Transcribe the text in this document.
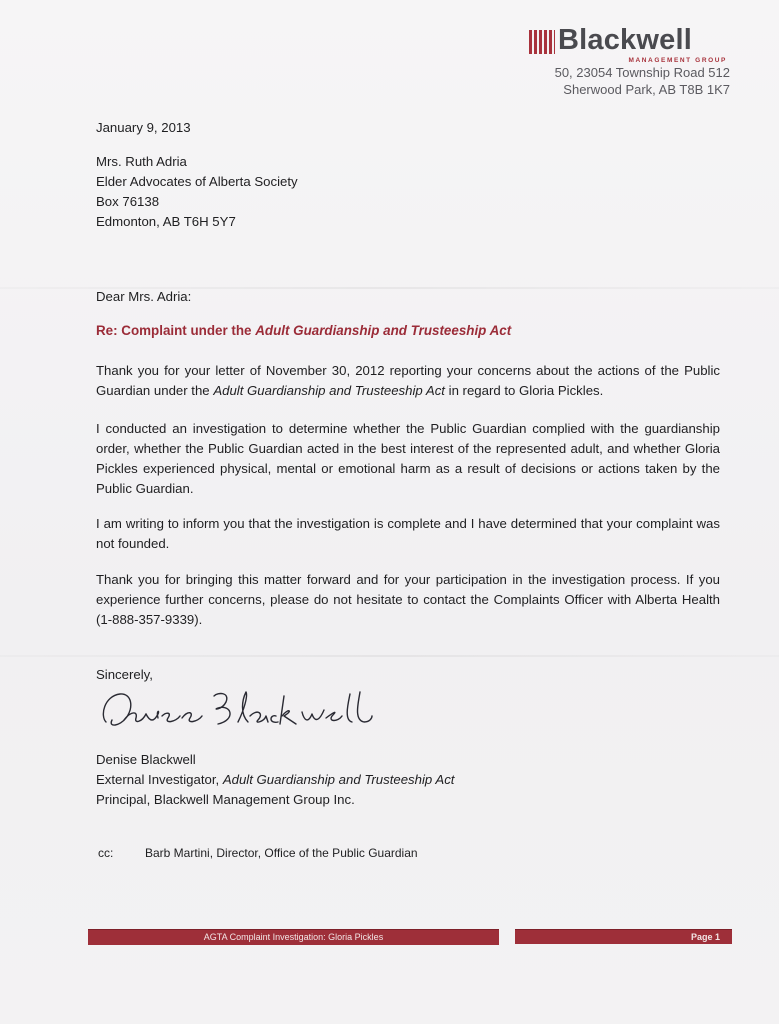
Blackwell
MANAGEMENT GROUP
50, 23054 Township Road 512
Sherwood Park, AB T8B 1K7
January 9, 2013
Mrs. Ruth Adria
Elder Advocates of Alberta Society
Box 76138
Edmonton, AB T6H 5Y7
Dear Mrs. Adria:
Re: Complaint under the Adult Guardianship and Trusteeship Act
Thank you for your letter of November 30, 2012 reporting your concerns about the actions of the Public Guardian under the Adult Guardianship and Trusteeship Act in regard to Gloria Pickles.
I conducted an investigation to determine whether the Public Guardian complied with the guardianship order, whether the Public Guardian acted in the best interest of the represented adult, and whether Gloria Pickles experienced physical, mental or emotional harm as a result of decisions or actions taken by the Public Guardian.
I am writing to inform you that the investigation is complete and I have determined that your complaint was not founded.
Thank you for bringing this matter forward and for your participation in the investigation process. If you experience further concerns, please do not hesitate to contact the Complaints Officer with Alberta Health (1-888-357-9339).
Sincerely,
Denise Blackwell
External Investigator, Adult Guardianship and Trusteeship Act
Principal, Blackwell Management Group Inc.
cc:	Barb Martini, Director, Office of the Public Guardian
AGTA Complaint Investigation: Gloria Pickles	Page 1
